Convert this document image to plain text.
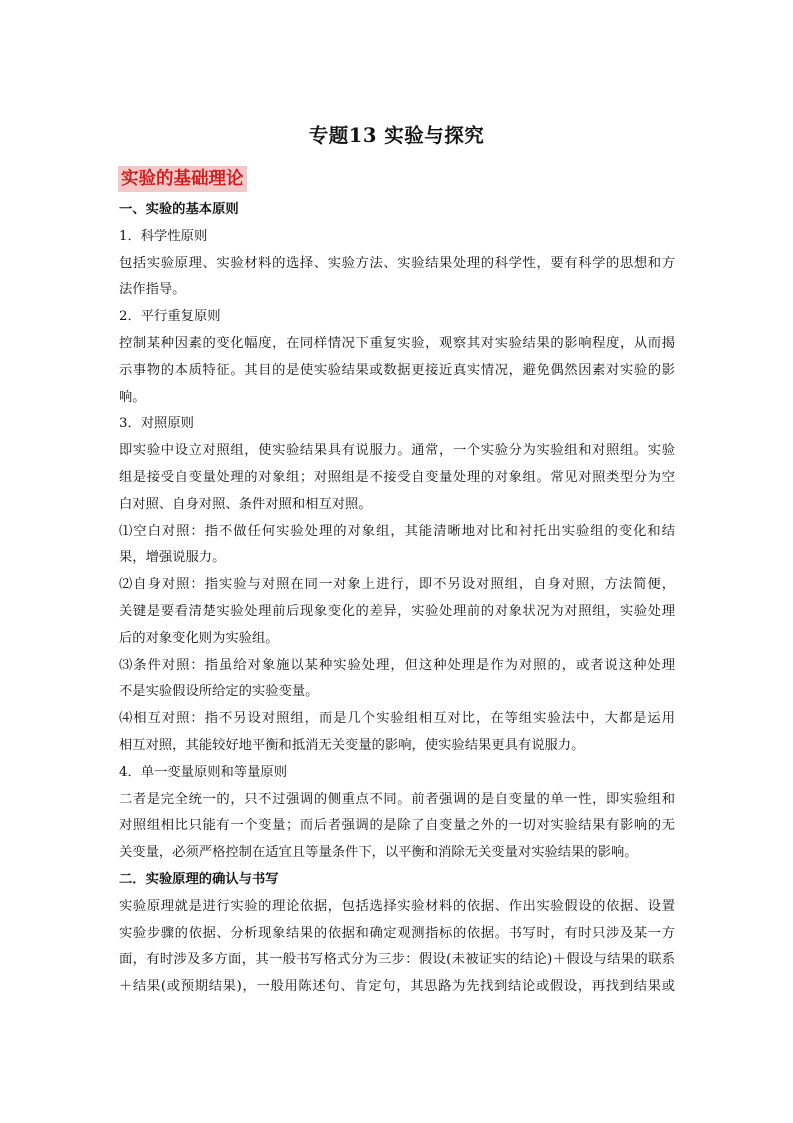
专题13 实验与探究
实验的基础理论
一、实验的基本原则
1．科学性原则
包括实验原理、实验材料的选择、实验方法、实验结果处理的科学性，要有科学的思想和方
法作指导。
2．平行重复原则
控制某种因素的变化幅度，在同样情况下重复实验，观察其对实验结果的影响程度，从而揭
示事物的本质特征。其目的是使实验结果或数据更接近真实情况，避免偶然因素对实验的影
响。
3．对照原则
即实验中设立对照组，使实验结果具有说服力。通常，一个实验分为实验组和对照组。实验
组是接受自变量处理的对象组；对照组是不接受自变量处理的对象组。常见对照类型分为空
白对照、自身对照、条件对照和相互对照。
⑴空白对照：指不做任何实验处理的对象组，其能清晰地对比和衬托出实验组的变化和结
果，增强说服力。
⑵自身对照：指实验与对照在同一对象上进行，即不另设对照组，自身对照，方法简便，
关键是要看清楚实验处理前后现象变化的差异，实验处理前的对象状况为对照组，实验处理
后的对象变化则为实验组。
⑶条件对照：指虽给对象施以某种实验处理，但这种处理是作为对照的，或者说这种处理
不是实验假设所给定的实验变量。
⑷相互对照：指不另设对照组，而是几个实验组相互对比，在等组实验法中，大都是运用
相互对照，其能较好地平衡和抵消无关变量的影响，使实验结果更具有说服力。
4．单一变量原则和等量原则
二者是完全统一的，只不过强调的侧重点不同。前者强调的是自变量的单一性，即实验组和
对照组相比只能有一个变量；而后者强调的是除了自变量之外的一切对实验结果有影响的无
关变量，必须严格控制在适宜且等量条件下，以平衡和消除无关变量对实验结果的影响。
二．实验原理的确认与书写
实验原理就是进行实验的理论依据，包括选择实验材料的依据、作出实验假设的依据、设置
实验步骤的依据、分析现象结果的依据和确定观测指标的依据。书写时，有时只涉及某一方
面，有时涉及多方面，其一般书写格式分为三步：假设(未被证实的结论)＋假设与结果的联系
＋结果(或预期结果)，一般用陈述句、肯定句，其思路为先找到结论或假设，再找到结果或
